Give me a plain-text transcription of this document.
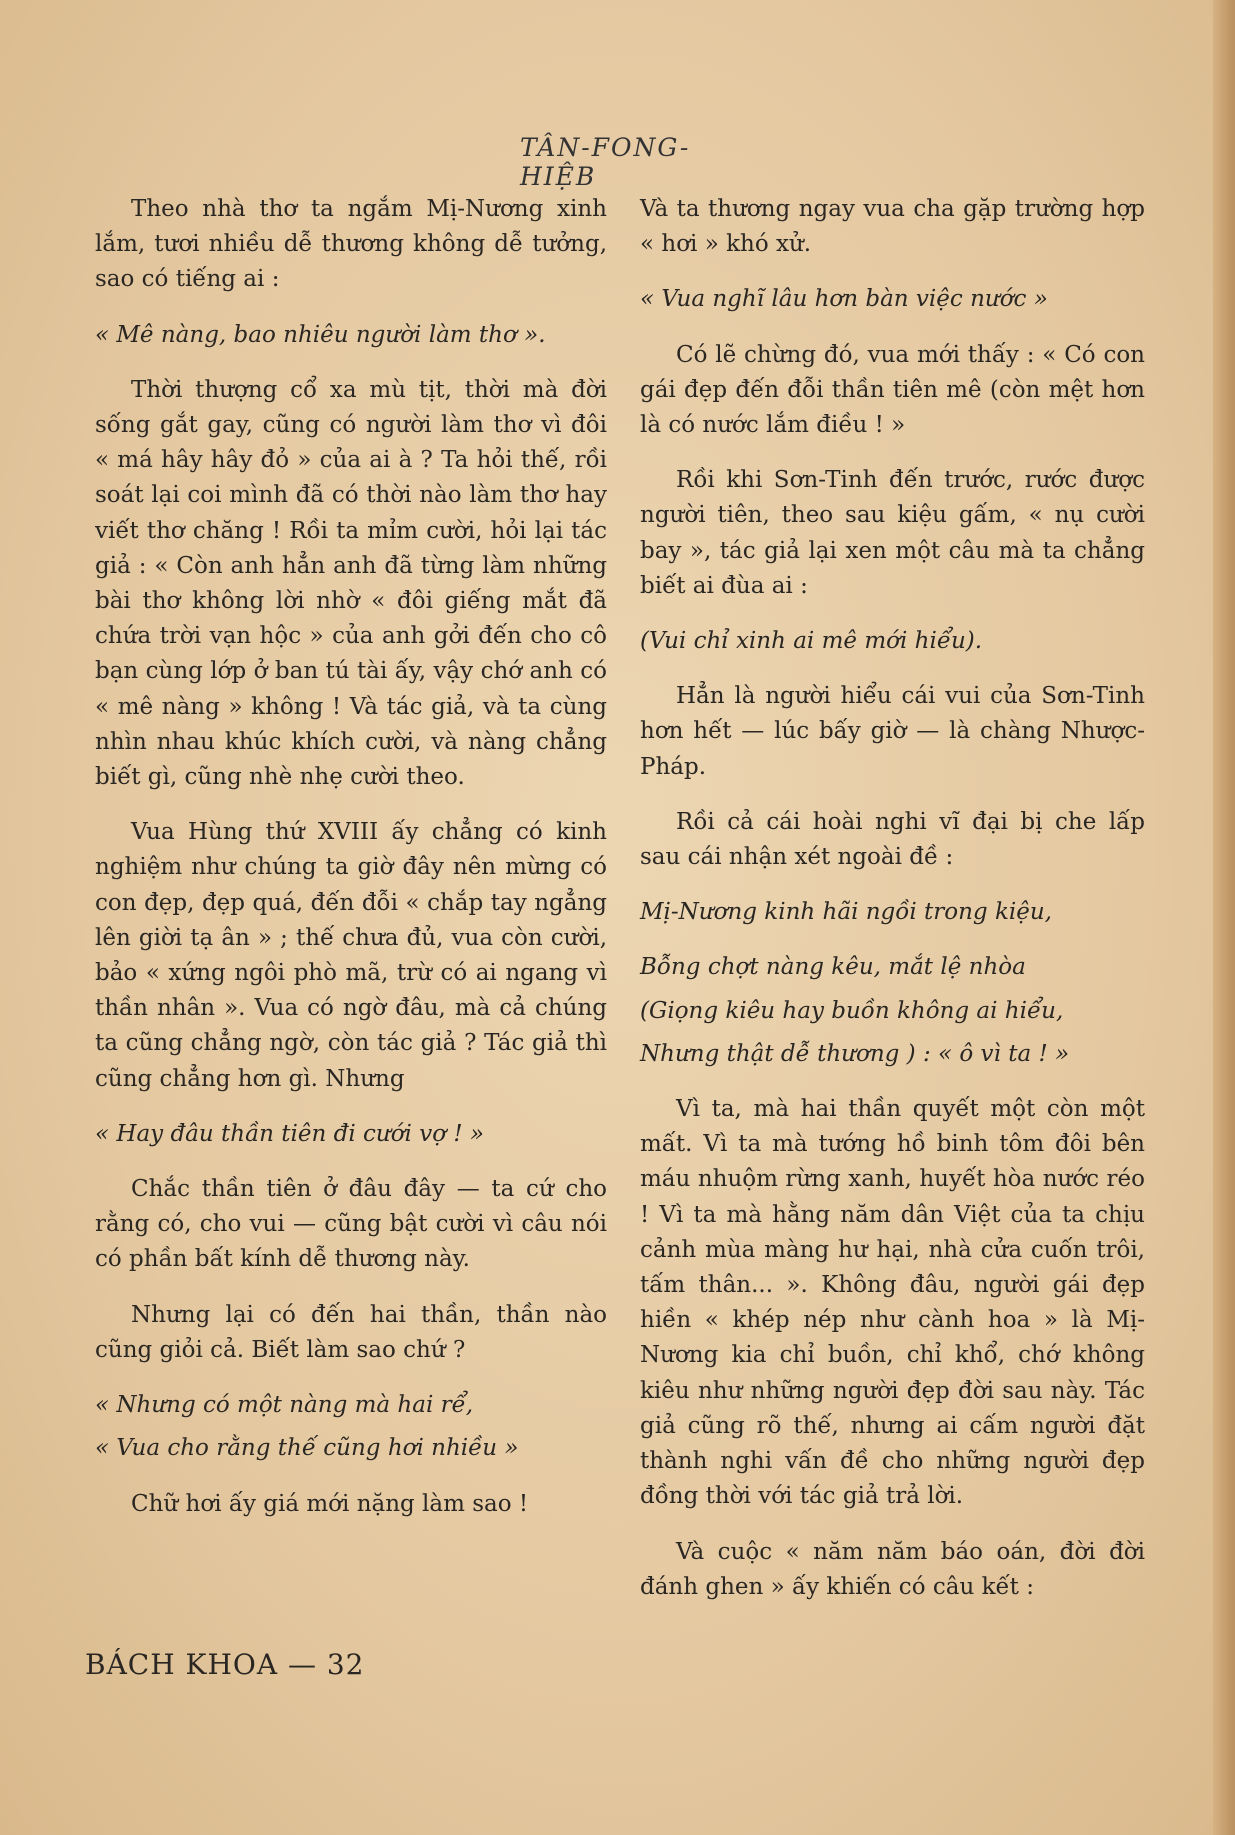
TÂN-FONG-HIỆB

Theo nhà thơ ta ngắm Mị-Nương xinh lắm, tươi nhiều dễ thương không dễ tưởng, sao có tiếng ai :

« Mê nàng, bao nhiêu người làm thơ ».

Thời thượng cổ xa mù tịt, thời mà đời sống gắt gay, cũng có người làm thơ vì đôi « má hây hây đỏ » của ai à ? Ta hỏi thế, rồi soát lại coi mình đã có thời nào làm thơ hay viết thơ chăng ! Rồi ta mỉm cười, hỏi lại tác giả : « Còn anh hẳn anh đã từng làm những bài thơ không lời nhờ « đôi giếng mắt đã chứa trời vạn hộc » của anh gởi đến cho cô bạn cùng lớp ở ban tú tài ấy, vậy chớ anh có « mê nàng » không ! Và tác giả, và ta cùng nhìn nhau khúc khích cười, và nàng chẳng biết gì, cũng nhè nhẹ cười theo.

Vua Hùng thứ XVIII ấy chẳng có kinh nghiệm như chúng ta giờ đây nên mừng có con đẹp, đẹp quá, đến đỗi « chắp tay ngẳng lên giời tạ ân » ; thế chưa đủ, vua còn cười, bảo « xứng ngôi phò mã, trừ có ai ngang vì thần nhân ». Vua có ngờ đâu, mà cả chúng ta cũng chẳng ngờ, còn tác giả ? Tác giả thì cũng chẳng hơn gì. Nhưng

« Hay đâu thần tiên đi cưới vợ ! »

Chắc thần tiên ở đâu đây — ta cứ cho rằng có, cho vui — cũng bật cười vì câu nói có phần bất kính dễ thương này.

Nhưng lại có đến hai thần, thần nào cũng giỏi cả. Biết làm sao chứ ?

« Nhưng có một nàng mà hai rể,

« Vua cho rằng thế cũng hơi nhiều »

Chữ hơi ấy giá mới nặng làm sao !

Và ta thương ngay vua cha gặp trường hợp « hơi » khó xử.

« Vua nghĩ lâu hơn bàn việc nước »

Có lẽ chừng đó, vua mới thấy : « Có con gái đẹp đến đỗi thần tiên mê (còn mệt hơn là có nước lắm điều ! »

Rồi khi Sơn-Tinh đến trước, rước được người tiên, theo sau kiệu gấm, « nụ cười bay », tác giả lại xen một câu mà ta chẳng biết ai đùa ai :

(Vui chỉ xinh ai mê mới hiểu).

Hẳn là người hiểu cái vui của Sơn-Tinh hơn hết — lúc bấy giờ — là chàng Nhược-Pháp.

Rồi cả cái hoài nghi vĩ đại bị che lấp sau cái nhận xét ngoài đề :

Mị-Nương kinh hãi ngồi trong kiệu,

Bỗng chợt nàng kêu, mắt lệ nhòa

(Giọng kiêu hay buồn không ai hiểu,

Nhưng thật dễ thương ) : « ô vì ta ! »

Vì ta, mà hai thần quyết một còn một mất. Vì ta mà tướng hồ binh tôm đôi bên máu nhuộm rừng xanh, huyết hòa nước réo ! Vì ta mà hằng năm dân Việt của ta chịu cảnh mùa màng hư hại, nhà cửa cuốn trôi, tấm thân... ». Không đâu, người gái đẹp hiền « khép nép như cành hoa » là Mị-Nương kia chỉ buồn, chỉ khổ, chớ không kiêu như những người đẹp đời sau này. Tác giả cũng rõ thế, nhưng ai cấm người đặt thành nghi vấn đề cho những người đẹp đồng thời với tác giả trả lời.

Và cuộc « năm năm báo oán, đời đời đánh ghen » ấy khiến có câu kết :

BÁCH KHOA — 32
